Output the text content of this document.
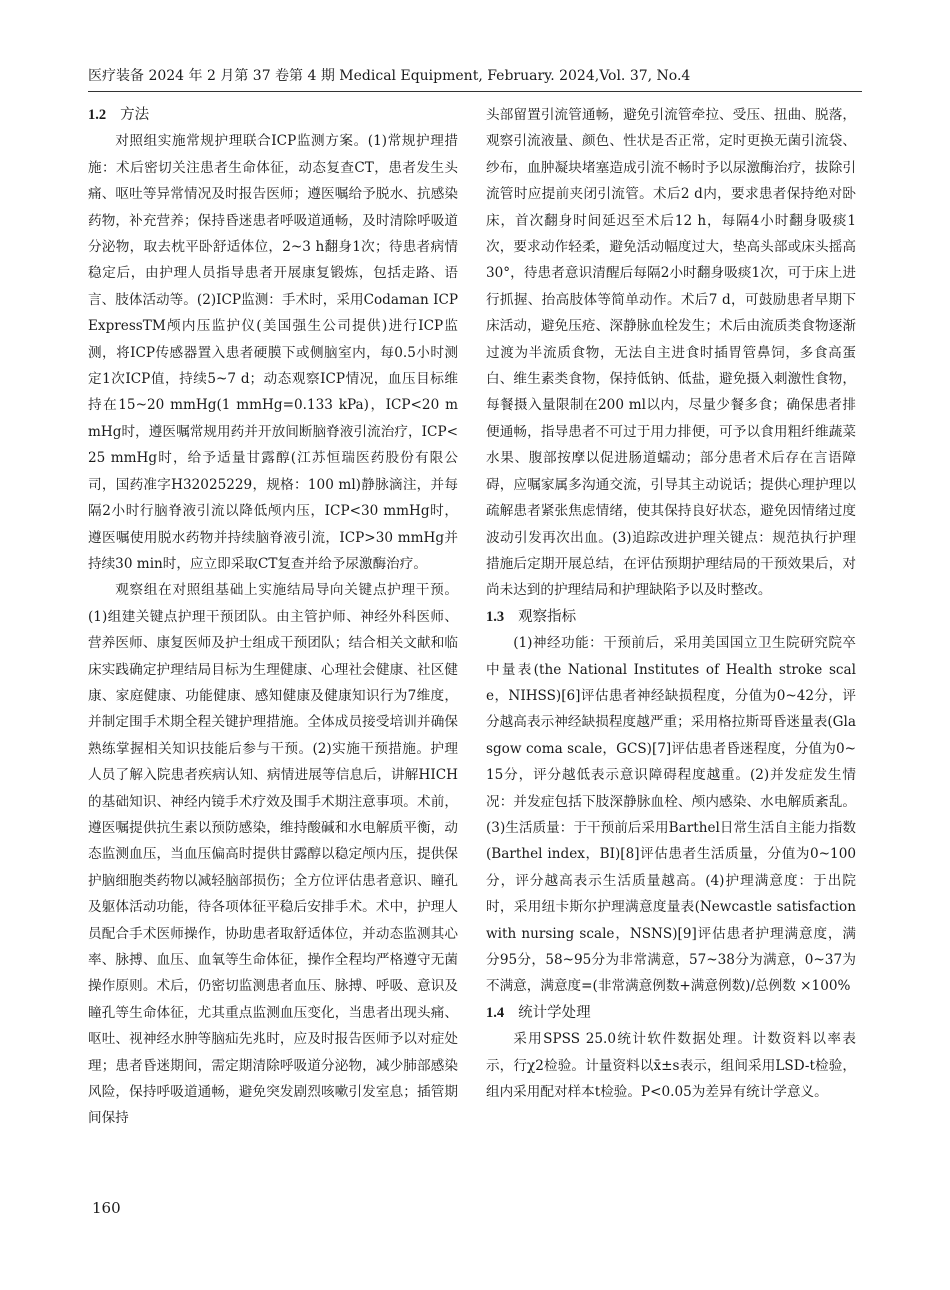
医疗装备 2024 年 2 月第 37 卷第 4 期 Medical Equipment, February. 2024,Vol. 37, No.4

1.2 方法

对照组实施常规护理联合ICP监测方案。(1)常规护理措施：术后密切关注患者生命体征，动态复查CT，患者发生头痛、呕吐等异常情况及时报告医师；遵医嘱给予脱水、抗感染药物，补充营养；保持昏迷患者呼吸道通畅，及时清除呼吸道分泌物，取去枕平卧舒适体位，2~3 h翻身1次；待患者病情稳定后，由护理人员指导患者开展康复锻炼，包括走路、语言、肢体活动等。(2)ICP监测：手术时，采用Codaman ICP ExpressTM颅内压监护仪(美国强生公司提供)进行ICP监测，将ICP传感器置入患者硬膜下或侧脑室内，每0.5小时测定1次ICP值，持续5~7 d；动态观察ICP情况，血压目标维持在15~20 mmHg(1 mmHg=0.133 kPa)，ICP<20 mmHg时，遵医嘱常规用药并开放间断脑脊液引流治疗，ICP<25 mmHg时，给予适量甘露醇(江苏恒瑞医药股份有限公司，国药准字H32025229，规格：100 ml)静脉滴注，并每隔2小时行脑脊液引流以降低颅内压，ICP<30 mmHg时，遵医嘱使用脱水药物并持续脑脊液引流，ICP>30 mmHg并持续30 min时，应立即采取CT复查并给予尿激酶治疗。

观察组在对照组基础上实施结局导向关键点护理干预。(1)组建关键点护理干预团队。由主管护师、神经外科医师、营养医师、康复医师及护士组成干预团队；结合相关文献和临床实践确定护理结局目标为生理健康、心理社会健康、社区健康、家庭健康、功能健康、感知健康及健康知识行为7维度，并制定围手术期全程关键护理措施。全体成员接受培训并确保熟练掌握相关知识技能后参与干预。(2)实施干预措施。护理人员了解入院患者疾病认知、病情进展等信息后，讲解HICH的基础知识、神经内镜手术疗效及围手术期注意事项。术前，遵医嘱提供抗生素以预防感染，维持酸碱和水电解质平衡，动态监测血压，当血压偏高时提供甘露醇以稳定颅内压，提供保护脑细胞类药物以减轻脑部损伤；全方位评估患者意识、瞳孔及躯体活动功能，待各项体征平稳后安排手术。术中，护理人员配合手术医师操作，协助患者取舒适体位，并动态监测其心率、脉搏、血压、血氧等生命体征，操作全程均严格遵守无菌操作原则。术后，仍密切监测患者血压、脉搏、呼吸、意识及瞳孔等生命体征，尤其重点监测血压变化，当患者出现头痛、呕吐、视神经水肿等脑疝先兆时，应及时报告医师予以对症处理；患者昏迷期间，需定期清除呼吸道分泌物，减少肺部感染风险，保持呼吸道通畅，避免突发剧烈咳嗽引发室息；插管期间保持

头部留置引流管通畅，避免引流管牵拉、受压、扭曲、脱落，观察引流液量、颜色、性状是否正常，定时更换无菌引流袋、纱布，血肿凝块堵塞造成引流不畅时予以尿激酶治疗，拔除引流管时应提前夹闭引流管。术后2 d内，要求患者保持绝对卧床，首次翻身时间延迟至术后12 h，每隔4小时翻身吸痰1次，要求动作轻柔，避免活动幅度过大，垫高头部或床头摇高30°，待患者意识清醒后每隔2小时翻身吸痰1次，可于床上进行抓握、抬高肢体等简单动作。术后7 d，可鼓励患者早期下床活动，避免压疮、深静脉血栓发生；术后由流质类食物逐渐过渡为半流质食物，无法自主进食时插胃管鼻饲，多食高蛋白、维生素类食物，保持低钠、低盐，避免摄入刺激性食物，每餐摄入量限制在200 ml以内，尽量少餐多食；确保患者排便通畅，指导患者不可过于用力排便，可予以食用粗纤维蔬菜水果、腹部按摩以促进肠道蠕动；部分患者术后存在言语障碍，应嘱家属多沟通交流，引导其主动说话；提供心理护理以疏解患者紧张焦虑情绪，使其保持良好状态，避免因情绪过度波动引发再次出血。(3)追踪改进护理关键点：规范执行护理措施后定期开展总结，在评估预期护理结局的干预效果后，对尚未达到的护理结局和护理缺陷予以及时整改。

1.3 观察指标

(1)神经功能：干预前后，采用美国国立卫生院研究院卒中量表(the National Institutes of Health stroke scale，NIHSS)[6]评估患者神经缺损程度，分值为0~42分，评分越高表示神经缺损程度越严重；采用格拉斯哥昏迷量表(Glasgow coma scale，GCS)[7]评估患者昏迷程度，分值为0~15分，评分越低表示意识障碍程度越重。(2)并发症发生情况：并发症包括下肢深静脉血栓、颅内感染、水电解质紊乱。(3)生活质量：于干预前后采用Barthel日常生活自主能力指数(Barthel index，BI)[8]评估患者生活质量，分值为0~100分，评分越高表示生活质量越高。(4)护理满意度：于出院时，采用纽卡斯尔护理满意度量表(Newcastle satisfaction with nursing scale，NSNS)[9]评估患者护理满意度，满分95分，58~95分为非常满意，57~38分为满意，0~37为不满意，满意度=(非常满意例数+满意例数)/总例数 ×100%

1.4 统计学处理

采用SPSS 25.0统计软件数据处理。计数资料以率表示，行χ2检验。计量资料以x̄±s表示，组间采用LSD-t检验，组内采用配对样本t检验。P<0.05为差异有统计学意义。

160
